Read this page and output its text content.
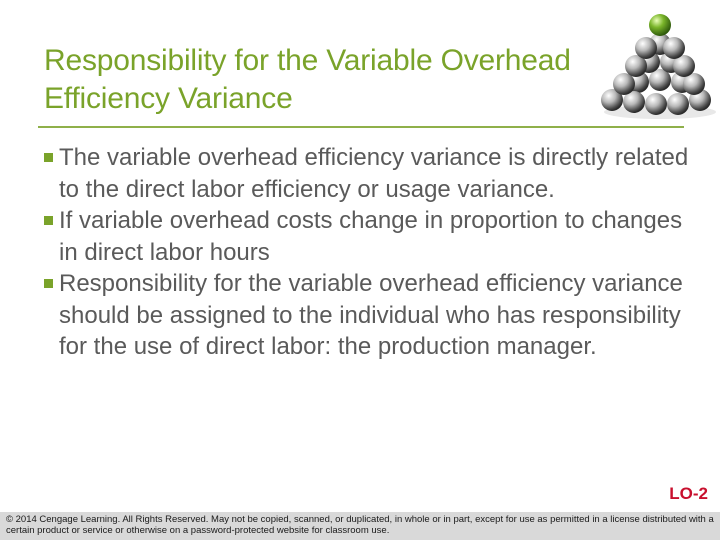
Responsibility for the Variable Overhead
Efficiency Variance
The variable overhead efficiency variance is directly related to the direct labor efficiency or usage variance.
If variable overhead costs change in proportion to changes in direct labor hours
Responsibility for the variable overhead efficiency variance should be assigned to the individual who has responsibility for the use of direct labor: the production manager.
LO-2
© 2014 Cengage Learning. All Rights Reserved. May not be copied, scanned, or duplicated, in whole or in part, except for use as permitted in a license distributed with a certain product or service or otherwise on a password-protected website for classroom use.
